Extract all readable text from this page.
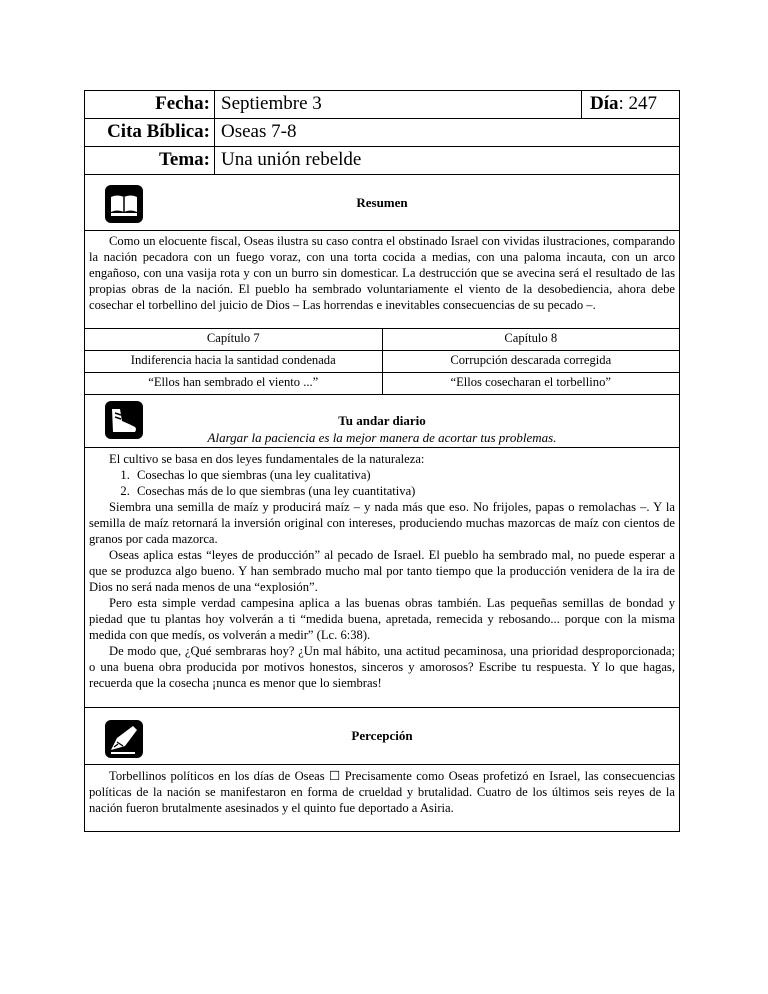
Fecha: Septiembre 3	Día: 247
Cita Bíblica: Oseas 7-8
Tema: Una unión rebelde
Resumen

Como un elocuente fiscal, Oseas ilustra su caso contra el obstinado Israel con vividas ilustraciones, comparando la nación pecadora con un fuego voraz, con una torta cocida a medias, con una paloma incauta, con un arco engañoso, con una vasija rota y con un burro sin domesticar. La destrucción que se avecina será el resultado de las propias obras de la nación. El pueblo ha sembrado voluntariamente el viento de la desobediencia, ahora debe cosechar el torbellino del juicio de Dios – Las horrendas e inevitables consecuencias de su pecado –.

Capítulo 7	Capítulo 8
Indiferencia hacia la santidad condenada	Corrupción descarada corregida
“Ellos han sembrado el viento ...”	“Ellos cosecharan el torbellino”
Tu andar diario
Alargar la paciencia es la mejor manera de acortar tus problemas.

El cultivo se basa en dos leyes fundamentales de la naturaleza:

1. Cosechas lo que siembras (una ley cualitativa)
2. Cosechas más de lo que siembras (una ley cuantitativa)

Siembra una semilla de maíz y producirá maíz – y nada más que eso. No frijoles, papas o remolachas –. Y la semilla de maíz retornará la inversión original con intereses, produciendo muchas mazorcas de maíz con cientos de granos por cada mazorca.

Oseas aplica estas “leyes de producción” al pecado de Israel. El pueblo ha sembrado mal, no puede esperar a que se produzca algo bueno. Y han sembrado mucho mal por tanto tiempo que la producción venidera de la ira de Dios no será nada menos de una “explosión”.

Pero esta simple verdad campesina aplica a las buenas obras también. Las pequeñas semillas de bondad y piedad que tu plantas hoy volverán a ti “medida buena, apretada, remecida y rebosando... porque con la misma medida con que medís, os volverán a medir” (Lc. 6:38).

De modo que, ¿Qué sembraras hoy? ¿Un mal hábito, una actitud pecaminosa, una prioridad desproporcionada; o una buena obra producida por motivos honestos, sinceros y amorosos? Escribe tu respuesta. Y lo que hagas, recuerda que la cosecha ¡nunca es menor que lo siembras!

Percepción

Torbellinos políticos en los días de Oseas ☐ Precisamente como Oseas profetizó en Israel, las consecuencias políticas de la nación se manifestaron en forma de crueldad y brutalidad. Cuatro de los últimos seis reyes de la nación fueron brutalmente asesinados y el quinto fue deportado a Asiria.
